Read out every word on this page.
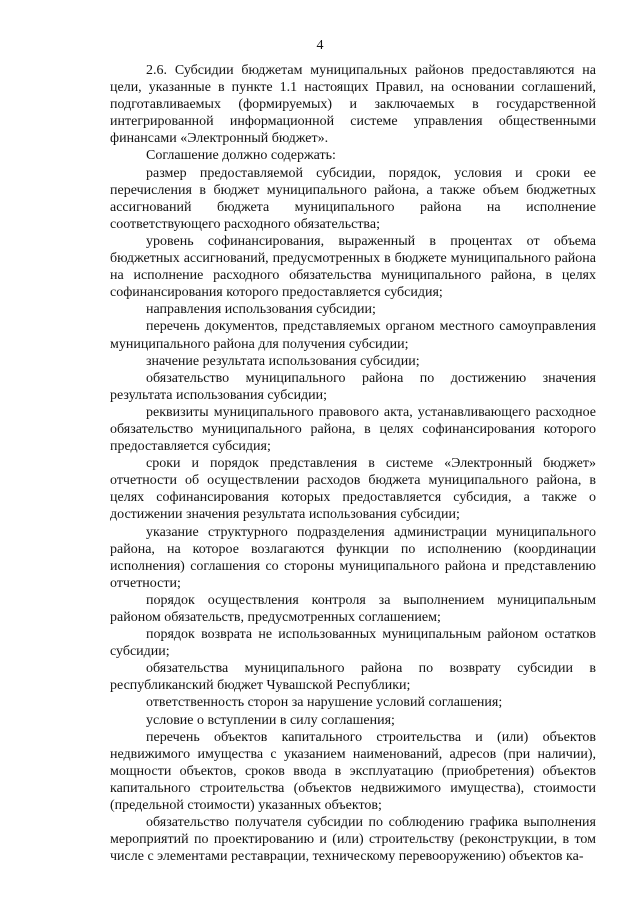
4

2.6. Субсидии бюджетам муниципальных районов предоставляются на цели, указанные в пункте 1.1 настоящих Правил, на основании соглашений, подготавливаемых (формируемых) и заключаемых в государственной интегрированной информационной системе управления общественными финансами «Электронный бюджет».

Соглашение должно содержать:

размер предоставляемой субсидии, порядок, условия и сроки ее перечисления в бюджет муниципального района, а также объем бюджетных ассигнований бюджета муниципального района на исполнение соответствующего расходного обязательства;

уровень софинансирования, выраженный в процентах от объема бюджетных ассигнований, предусмотренных в бюджете муниципального района на исполнение расходного обязательства муниципального района, в целях софинансирования которого предоставляется субсидия;

направления использования субсидии;

перечень документов, представляемых органом местного самоуправления муниципального района для получения субсидии;

значение результата использования субсидии;

обязательство муниципального района по достижению значения результата использования субсидии;

реквизиты муниципального правового акта, устанавливающего расходное обязательство муниципального района, в целях софинансирования которого предоставляется субсидия;

сроки и порядок представления в системе «Электронный бюджет» отчетности об осуществлении расходов бюджета муниципального района, в целях софинансирования которых предоставляется субсидия, а также о достижении значения результата использования субсидии;

указание структурного подразделения администрации муниципального района, на которое возлагаются функции по исполнению (координации исполнения) соглашения со стороны муниципального района и представлению отчетности;

порядок осуществления контроля за выполнением муниципальным районом обязательств, предусмотренных соглашением;

порядок возврата не использованных муниципальным районом остатков субсидии;

обязательства муниципального района по возврату субсидии в республиканский бюджет Чувашской Республики;

ответственность сторон за нарушение условий соглашения;

условие о вступлении в силу соглашения;

перечень объектов капитального строительства и (или) объектов недвижимого имущества с указанием наименований, адресов (при наличии), мощности объектов, сроков ввода в эксплуатацию (приобретения) объектов капитального строительства (объектов недвижимого имущества), стоимости (предельной стоимости) указанных объектов;

обязательство получателя субсидии по соблюдению графика выполнения мероприятий по проектированию и (или) строительству (реконструкции, в том числе с элементами реставрации, техническому перевооружению) объектов ка-
